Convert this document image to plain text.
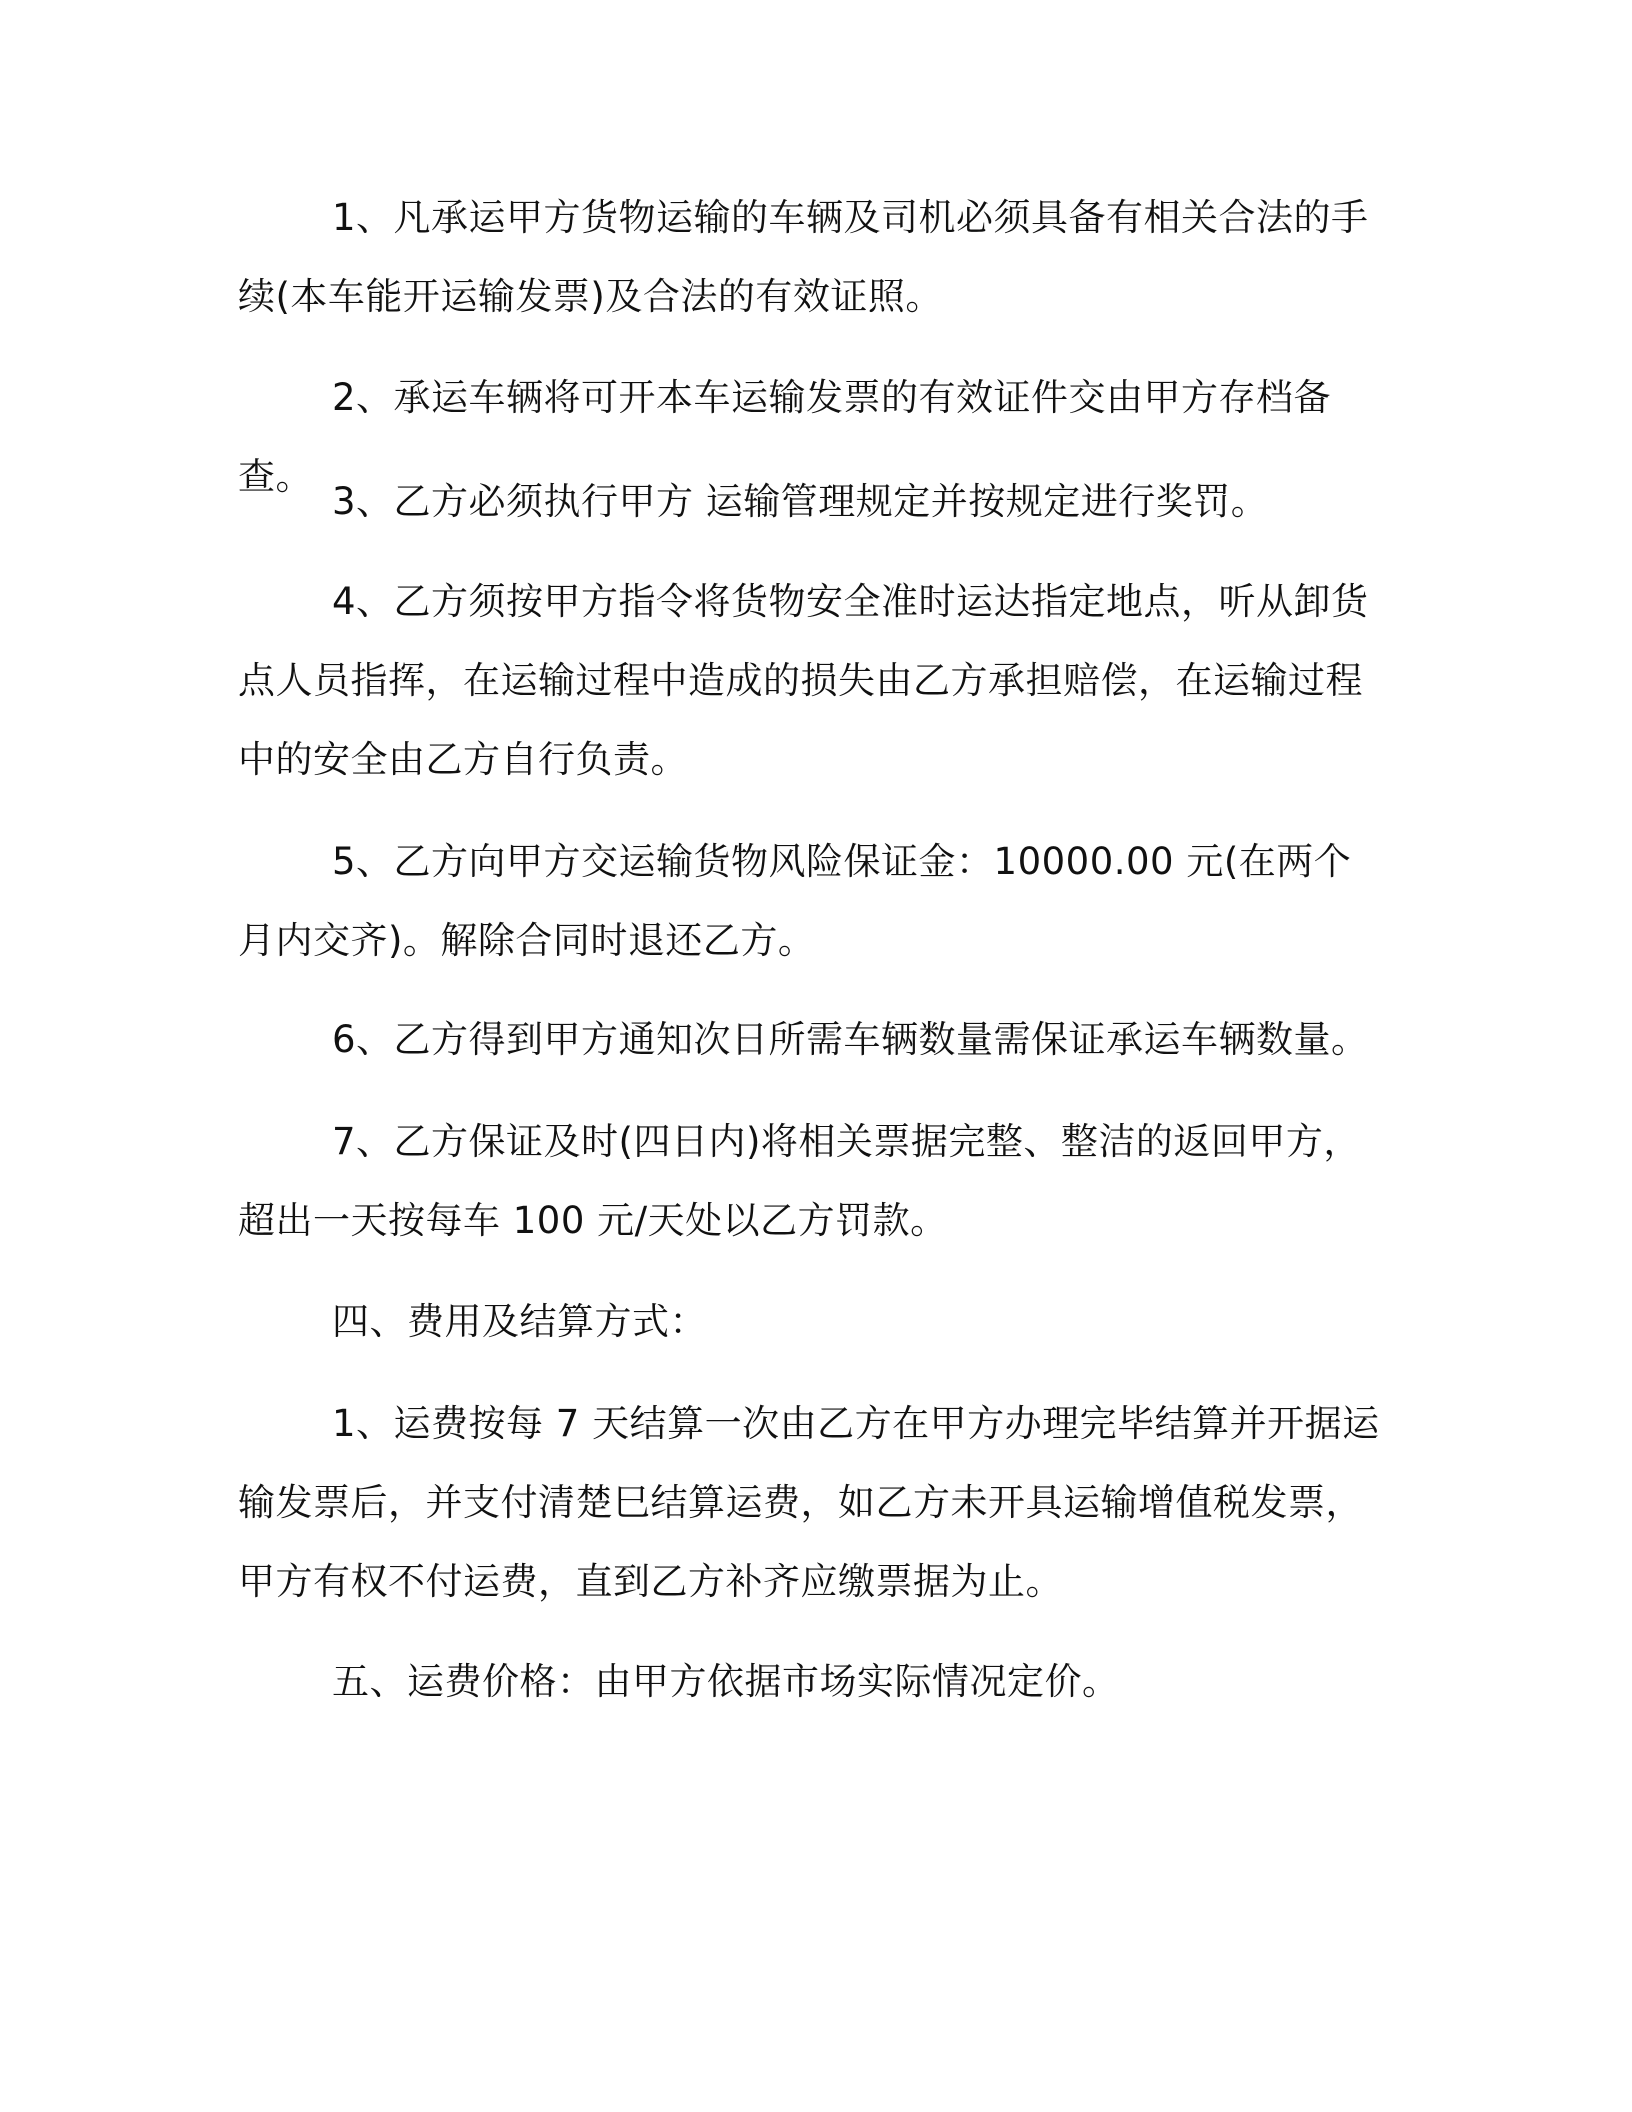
1、凡承运甲方货物运输的车辆及司机必须具备有相关合法的手续(本车能开运输发票)及合法的有效证照。

2、承运车辆将可开本车运输发票的有效证件交由甲方存档备查。

3、乙方必须执行甲方 运输管理规定并按规定进行奖罚。

4、乙方须按甲方指令将货物安全准时运达指定地点，听从卸货点人员指挥，在运输过程中造成的损失由乙方承担赔偿，在运输过程中的安全由乙方自行负责。

5、乙方向甲方交运输货物风险保证金：10000.00 元(在两个月内交齐)。解除合同时退还乙方。

6、乙方得到甲方通知次日所需车辆数量需保证承运车辆数量。

7、乙方保证及时(四日内)将相关票据完整、整洁的返回甲方，超出一天按每车 100 元/天处以乙方罚款。

四、费用及结算方式：

1、运费按每 7 天结算一次由乙方在甲方办理完毕结算并开据运输发票后，并支付清楚巳结算运费，如乙方未开具运输增值税发票，甲方有权不付运费，直到乙方补齐应缴票据为止。

五、运费价格：由甲方依据市场实际情况定价。
